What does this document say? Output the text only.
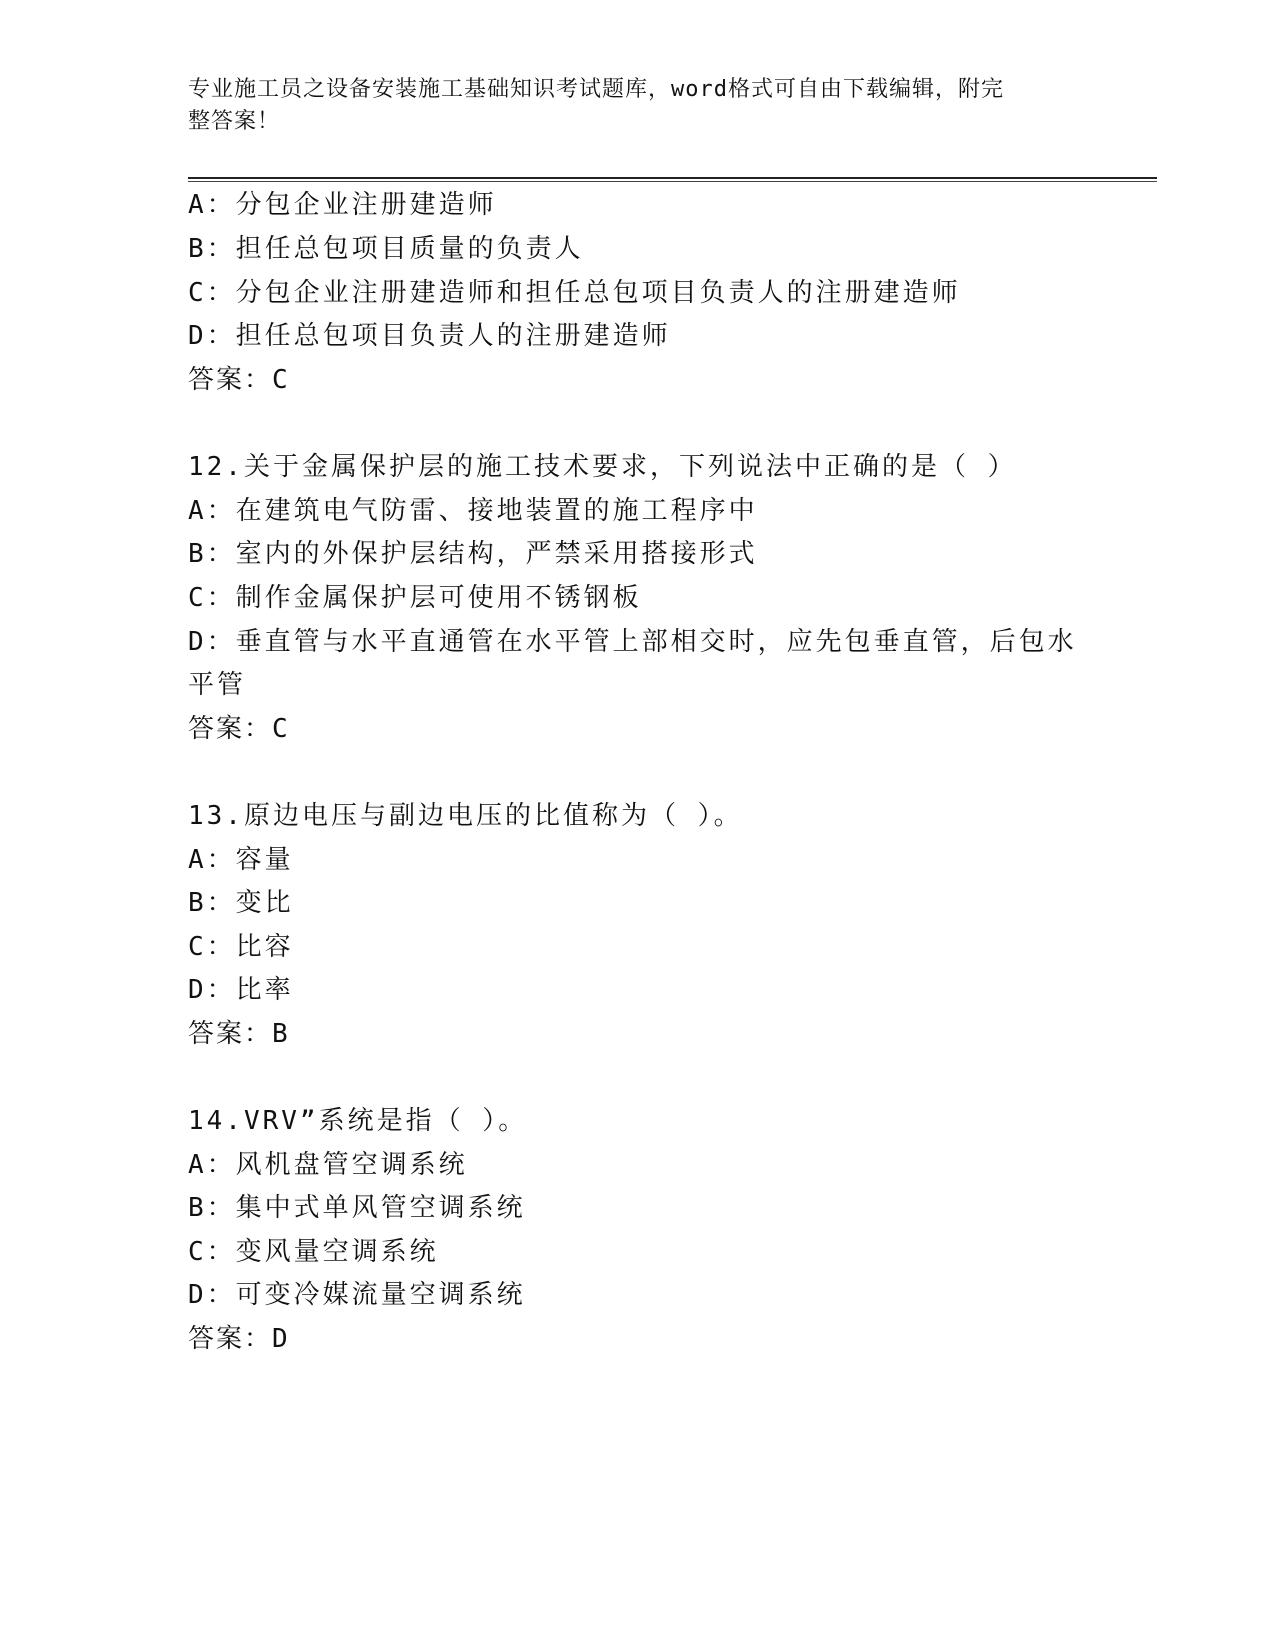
专业施工员之设备安装施工基础知识考试题库，word格式可自由下载编辑，附完
整答案！
A：分包企业注册建造师
B：担任总包项目质量的负责人
C：分包企业注册建造师和担任总包项目负责人的注册建造师
D：担任总包项目负责人的注册建造师
答案：C
12.关于金属保护层的施工技术要求，下列说法中正确的是（ ）
A：在建筑电气防雷、接地装置的施工程序中
B：室内的外保护层结构，严禁采用搭接形式
C：制作金属保护层可使用不锈钢板
D：垂直管与水平直通管在水平管上部相交时，应先包垂直管，后包水
平管
答案：C
13.原边电压与副边电压的比值称为（ ）。
A：容量
B：变比
C：比容
D：比率
答案：B
14.VRV”系统是指（ ）。
A：风机盘管空调系统
B：集中式单风管空调系统
C：变风量空调系统
D：可变冷媒流量空调系统
答案：D
